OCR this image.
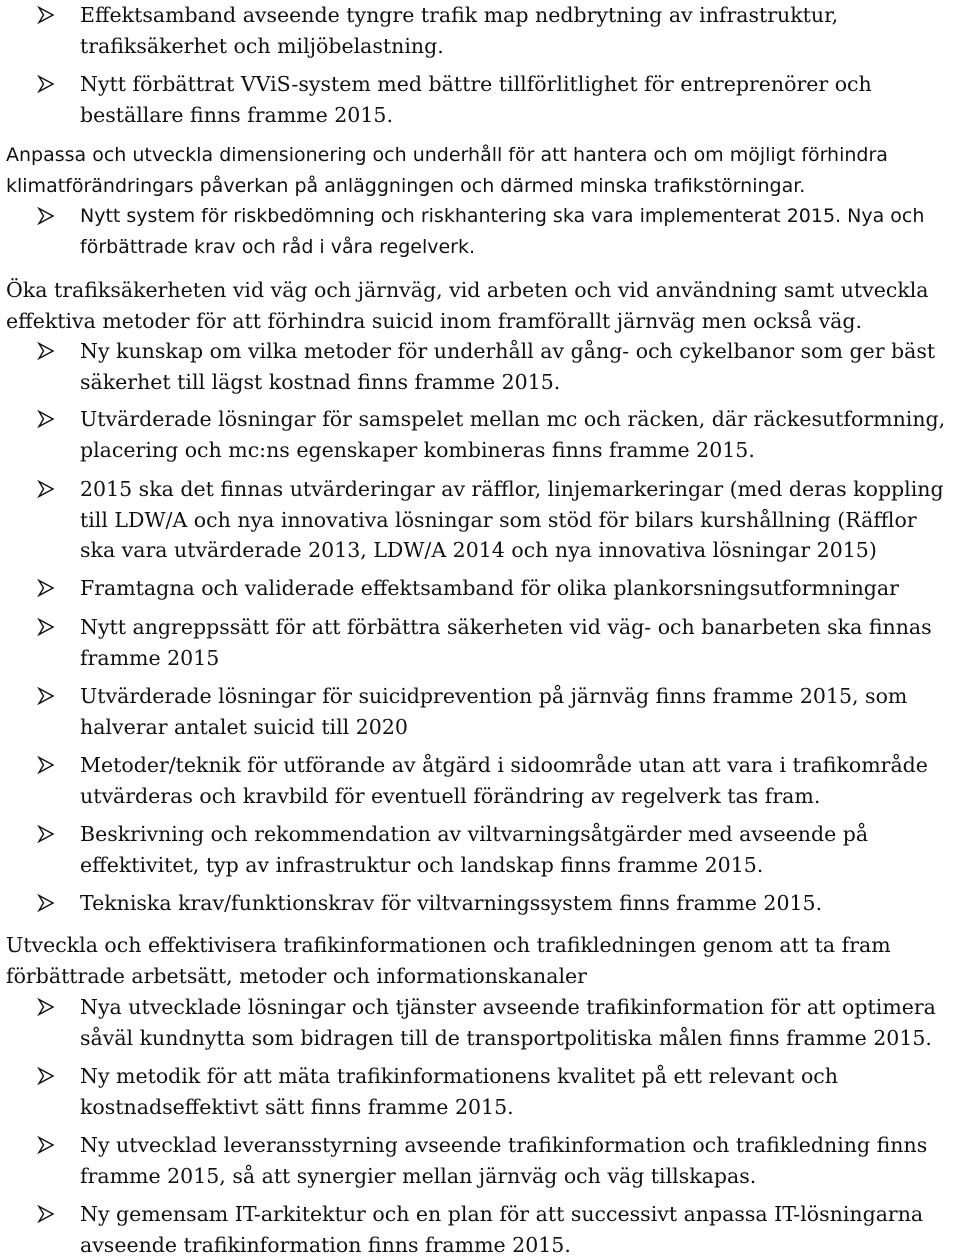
Effektsamband avseende tyngre trafik map nedbrytning av infrastruktur, trafiksäkerhet och miljöbelastning.

Nytt förbättrat VViS-system med bättre tillförlitlighet för entreprenörer och beställare finns framme 2015.

Anpassa och utveckla dimensionering och underhåll för att hantera och om möjligt förhindra klimatförändringars påverkan på anläggningen och därmed minska trafikstörningar.

Nytt system för riskbedömning och riskhantering ska vara implementerat 2015. Nya och förbättrade krav och råd i våra regelverk.

Öka trafiksäkerheten vid väg och järnväg, vid arbeten och vid användning samt utveckla effektiva metoder för att förhindra suicid inom framförallt järnväg men också väg.

Ny kunskap om vilka metoder för underhåll av gång- och cykelbanor som ger bäst säkerhet till lägst kostnad finns framme 2015.

Utvärderade lösningar för samspelet mellan mc och räcken, där räckesutformning, placering och mc:ns egenskaper kombineras finns framme 2015.

2015 ska det finnas utvärderingar av räfflor, linjemarkeringar (med deras koppling till LDW/A och nya innovativa lösningar som stöd för bilars kurshållning (Räfflor ska vara utvärderade 2013, LDW/A 2014 och nya innovativa lösningar 2015)

Framtagna och validerade effektsamband för olika plankorsningsutformningar

Nytt angreppssätt för att förbättra säkerheten vid väg- och banarbeten ska finnas framme 2015

Utvärderade lösningar för suicidprevention på järnväg finns framme 2015, som halverar antalet suicid till 2020

Metoder/teknik för utförande av åtgärd i sidoområde utan att vara i trafikområde utvärderas och kravbild för eventuell förändring av regelverk tas fram.

Beskrivning och rekommendation av viltvarningsåtgärder med avseende på effektivitet, typ av infrastruktur och landskap finns framme 2015.

Tekniska krav/funktionskrav för viltvarningssystem finns framme 2015.

Utveckla och effektivisera trafikinformationen och trafikledningen genom att ta fram förbättrade arbetsätt, metoder och informationskanaler

Nya utvecklade lösningar och tjänster avseende trafikinformation för att optimera såväl kundnytta som bidragen till de transportpolitiska målen finns framme 2015.

Ny metodik för att mäta trafikinformationens kvalitet på ett relevant och kostnadseffektivt sätt finns framme 2015.

Ny utvecklad leveransstyrning avseende trafikinformation och trafikledning finns framme 2015, så att synergier mellan järnväg och väg tillskapas.

Ny gemensam IT-arkitektur och en plan för att successivt anpassa IT-lösningarna avseende trafikinformation finns framme 2015.
